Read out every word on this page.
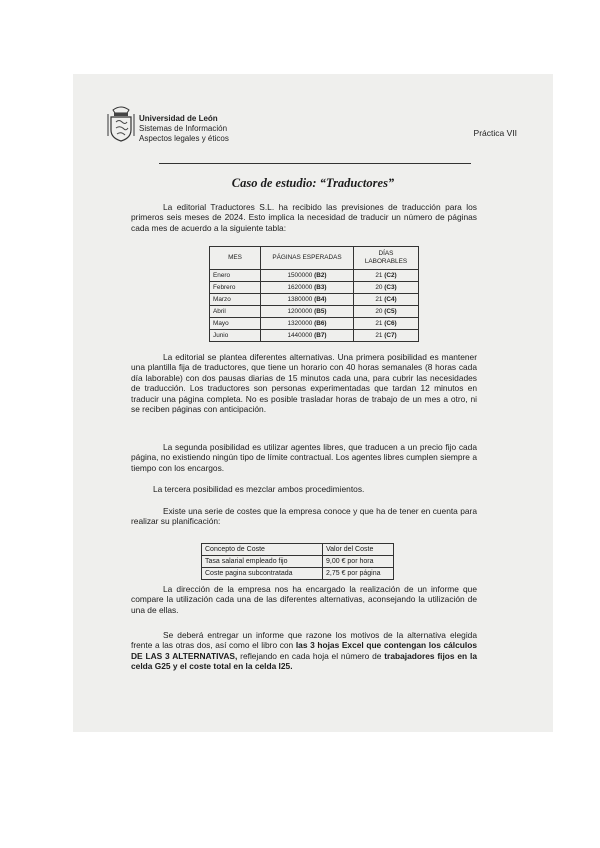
Universidad de León
Sistemas de Información
Aspectos legales y éticos
Práctica VII
Caso de estudio: “Traductores”
La editorial Traductores S.L. ha recibido las previsiones de traducción para los primeros seis meses de 2024. Esto implica la necesidad de traducir un número de páginas cada mes de acuerdo a la siguiente tabla:
MES	PÁGINAS ESPERADAS	DÍAS LABORABLES
Enero	1500000 (B2)	21 (C2)
Febrero	1620000 (B3)	20 (C3)
Marzo	1380000 (B4)	21 (C4)
Abril	1200000 (B5)	20 (C5)
Mayo	1320000 (B6)	21 (C6)
Junio	1440000 (B7)	21 (C7)
La editorial se plantea diferentes alternativas. Una primera posibilidad es mantener una plantilla fija de traductores, que tiene un horario con 40 horas semanales (8 horas cada día laborable) con dos pausas diarias de 15 minutos cada una, para cubrir las necesidades de traducción. Los traductores son personas experimentadas que tardan 12 minutos en traducir una página completa. No es posible trasladar horas de trabajo de un mes a otro, ni se reciben páginas con anticipación.
La segunda posibilidad es utilizar agentes libres, que traducen a un precio fijo cada página, no existiendo ningún tipo de límite contractual. Los agentes libres cumplen siempre a tiempo con los encargos.
La tercera posibilidad es mezclar ambos procedimientos.
Existe una serie de costes que la empresa conoce y que ha de tener en cuenta para realizar su planificación:
Concepto de Coste	Valor del Coste
Tasa salarial empleado fijo	9,00 € por hora
Coste pagina subcontratada	2,75 € por página
La dirección de la empresa nos ha encargado la realización de un informe que compare la utilización cada una de las diferentes alternativas, aconsejando la utilización de una de ellas.
Se deberá entregar un informe que razone los motivos de la alternativa elegida frente a las otras dos, así como el libro con las 3 hojas Excel que contengan los cálculos DE LAS 3 ALTERNATIVAS, reflejando en cada hoja el número de trabajadores fijos en la celda G25 y el coste total en la celda I25.
